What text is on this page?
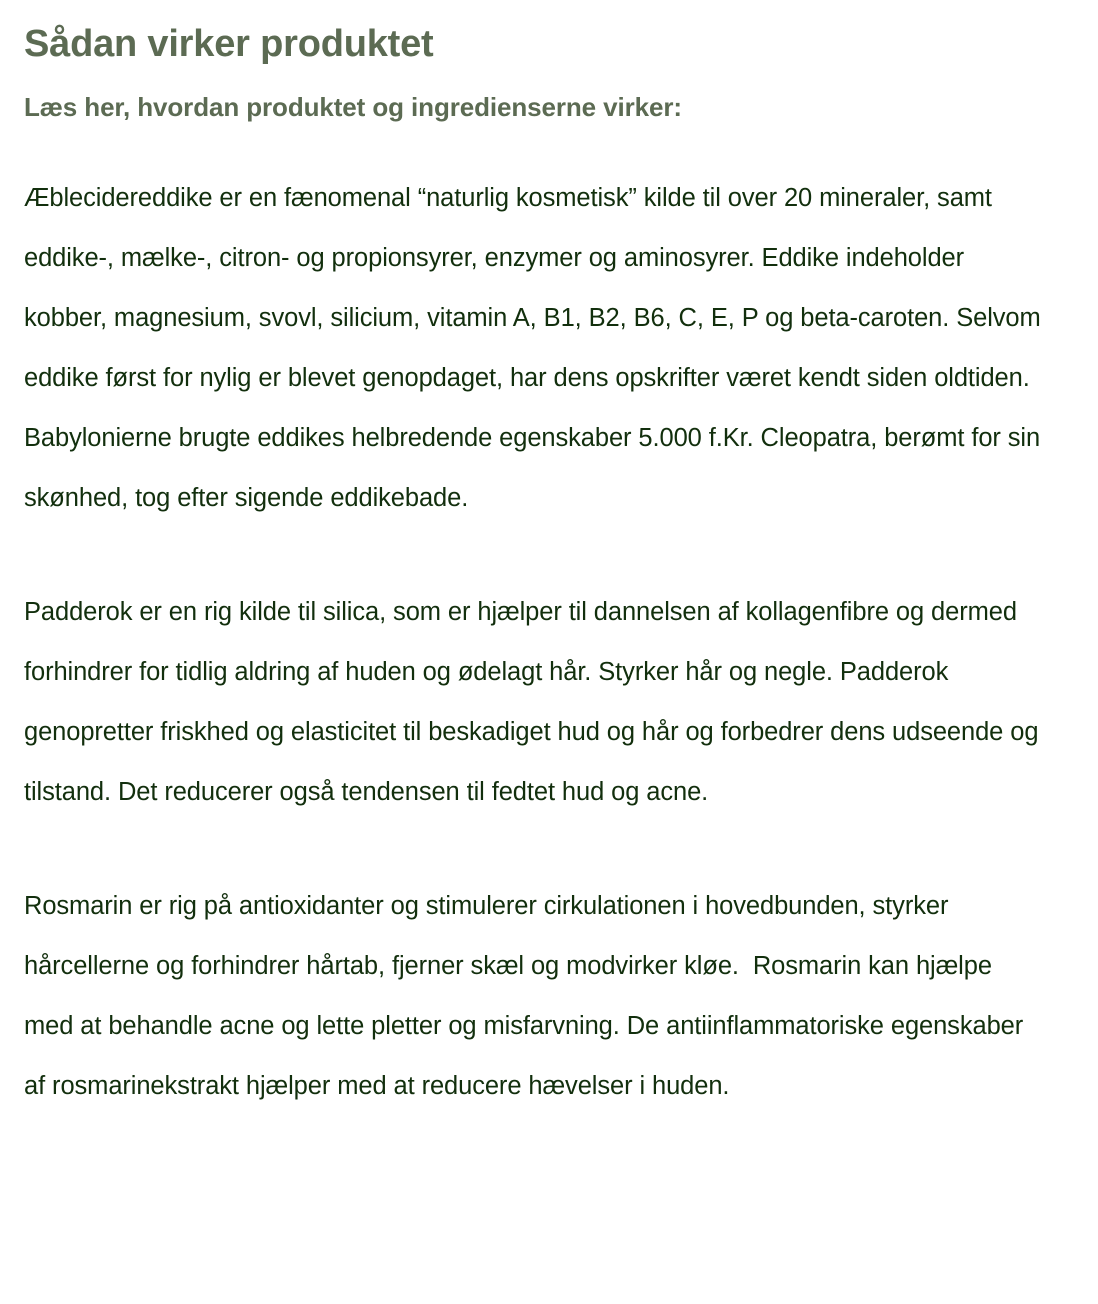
Sådan virker produktet
Læs her, hvordan produktet og ingredienserne virker:

Æblecidereddike er en fænomenal “naturlig kosmetisk” kilde til over 20 mineraler, samt eddike-, mælke-, citron- og propionsyrer, enzymer og aminosyrer. Eddike indeholder kobber, magnesium, svovl, silicium, vitamin A, B1, B2, B6, C, E, P og beta-caroten. Selvom eddike først for nylig er blevet genopdaget, har dens opskrifter været kendt siden oldtiden. Babylonierne brugte eddikes helbredende egenskaber 5.000 f.Kr. Cleopatra, berømt for sin skønhed, tog efter sigende eddikebade.

Padderok er en rig kilde til silica, som er hjælper til dannelsen af kollagenfibre og dermed forhindrer for tidlig aldring af huden og ødelagt hår. Styrker hår og negle. Padderok genopretter friskhed og elasticitet til beskadiget hud og hår og forbedrer dens udseende og tilstand. Det reducerer også tendensen til fedtet hud og acne.

Rosmarin er rig på antioxidanter og stimulerer cirkulationen i hovedbunden, styrker hårcellerne og forhindrer hårtab, fjerner skæl og modvirker kløe.  Rosmarin kan hjælpe med at behandle acne og lette pletter og misfarvning. De antiinflammatoriske egenskaber af rosmarinekstrakt hjælper med at reducere hævelser i huden.
